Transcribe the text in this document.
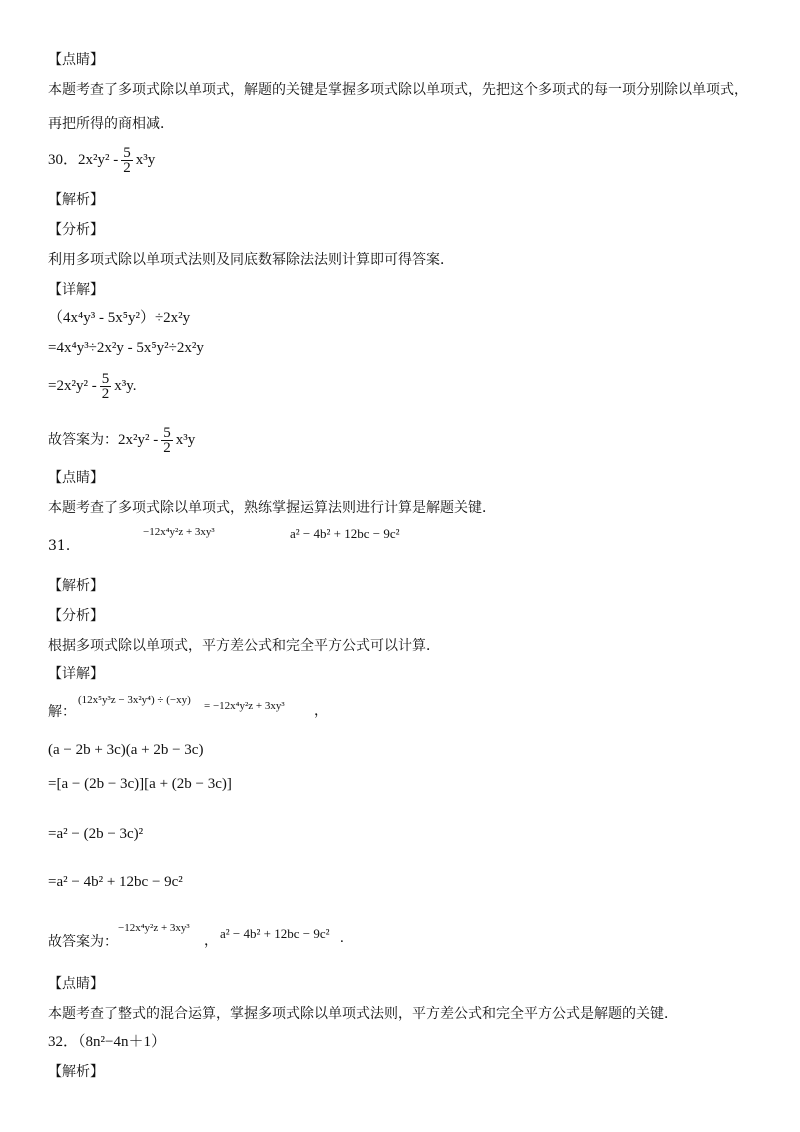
【点睛】
本题考查了多项式除以单项式，解题的关键是掌握多项式除以单项式，先把这个多项式的每一项分别除以单项式，
再把所得的商相减．
30．$2x^2y^2 - \frac{5}{2} x^3y$
【解析】
【分析】
利用多项式除以单项式法则及同底数幂除法法则计算即可得答案．
【详解】
（4x⁴y³ - 5x⁵y²）÷2x²y
=4x⁴y³÷2x²y - 5x⁵y²÷2x²y
$=2x^2y^2 - \frac{5}{2} x^3y$.
故答案为：$2x^2y^2 - \frac{5}{2} x^3y$
【点睛】
本题考查了多项式除以单项式，熟练掌握运算法则进行计算是解题关键．
31．
−12x⁴y²z + 3xy³	a² − 4b² + 12bc − 9c²
【解析】
【分析】
根据多项式除以单项式，平方差公式和完全平方公式可以计算．
【详解】
解：
(12x⁵y³z − 3x²y⁴) ÷ (−xy) = −12x⁴y²z + 3xy³ ，
(a − 2b + 3c)(a + 2b − 3c)
=[a − (2b − 3c)][a + (2b − 3c)]
=a² − (2b − 3c)²
=a² − 4b² + 12bc − 9c²
故答案为：
−12x⁴y²z + 3xy³
， a² − 4b² + 12bc − 9c² .
【点睛】
本题考查了整式的混合运算，掌握多项式除以单项式法则，平方差公式和完全平方公式是解题的关键．
32．（8n²−4n＋1）
【解析】
